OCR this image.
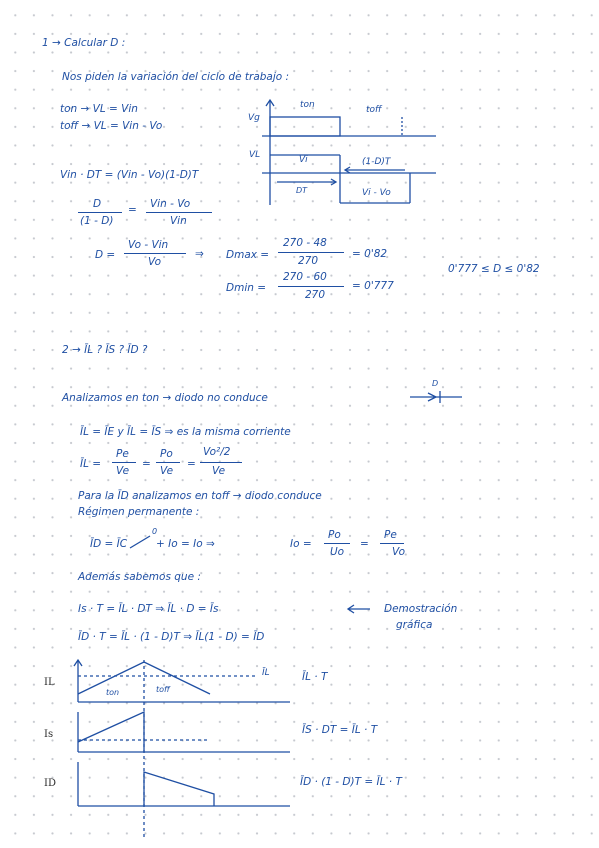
1 → Calcular D :
Nos piden la variación del ciclo de trabajo :
ton → VL = Vin
toff → VL = Vin - Vo
Vin · DT = (Vin - Vo)(1-D)T
D
(1 - D)
= Vin - Vo
Vin
D =
Vo - Vin
Vo
⇒ Dmax =
270 - 48
270
= 0'82
Dmin =
270 - 60
270
= 0'777
0'777 ≤ D ≤ 0'82
Vg
VL
ton	toff
Vi	(1-D)T
DT	Vi - Vo
2 → ĪL ? ĪS ? ĪD ?
Analizamos en ton → diodo no conduce
D
ĪL = ĪE y ĪL = ĪS ⇒ es la misma corriente
ĪL =
Pe
Ve
=
Po
Ve
=
Vo²/2
Ve
Para la ĪD analizamos en toff → diodo conduce
Régimen permanente :
ĪD = ĪC
0
+ Io = Io ⇒	Io =
Po
Uo
=
Pe
Vo
Además sabemos que :
Is · T = ĪL · DT ⇒ ĪL · D = Īs	Demostración
gráfica
ĪD · T = ĪL · (1 - D)T ⇒ ĪL(1 - D) = ĪD
IL
Is
ID
ĪL
ton	toff
ĪL · T
ĪS · DT = ĪL · T
ĪD · (1 - D)T = ĪL · T
